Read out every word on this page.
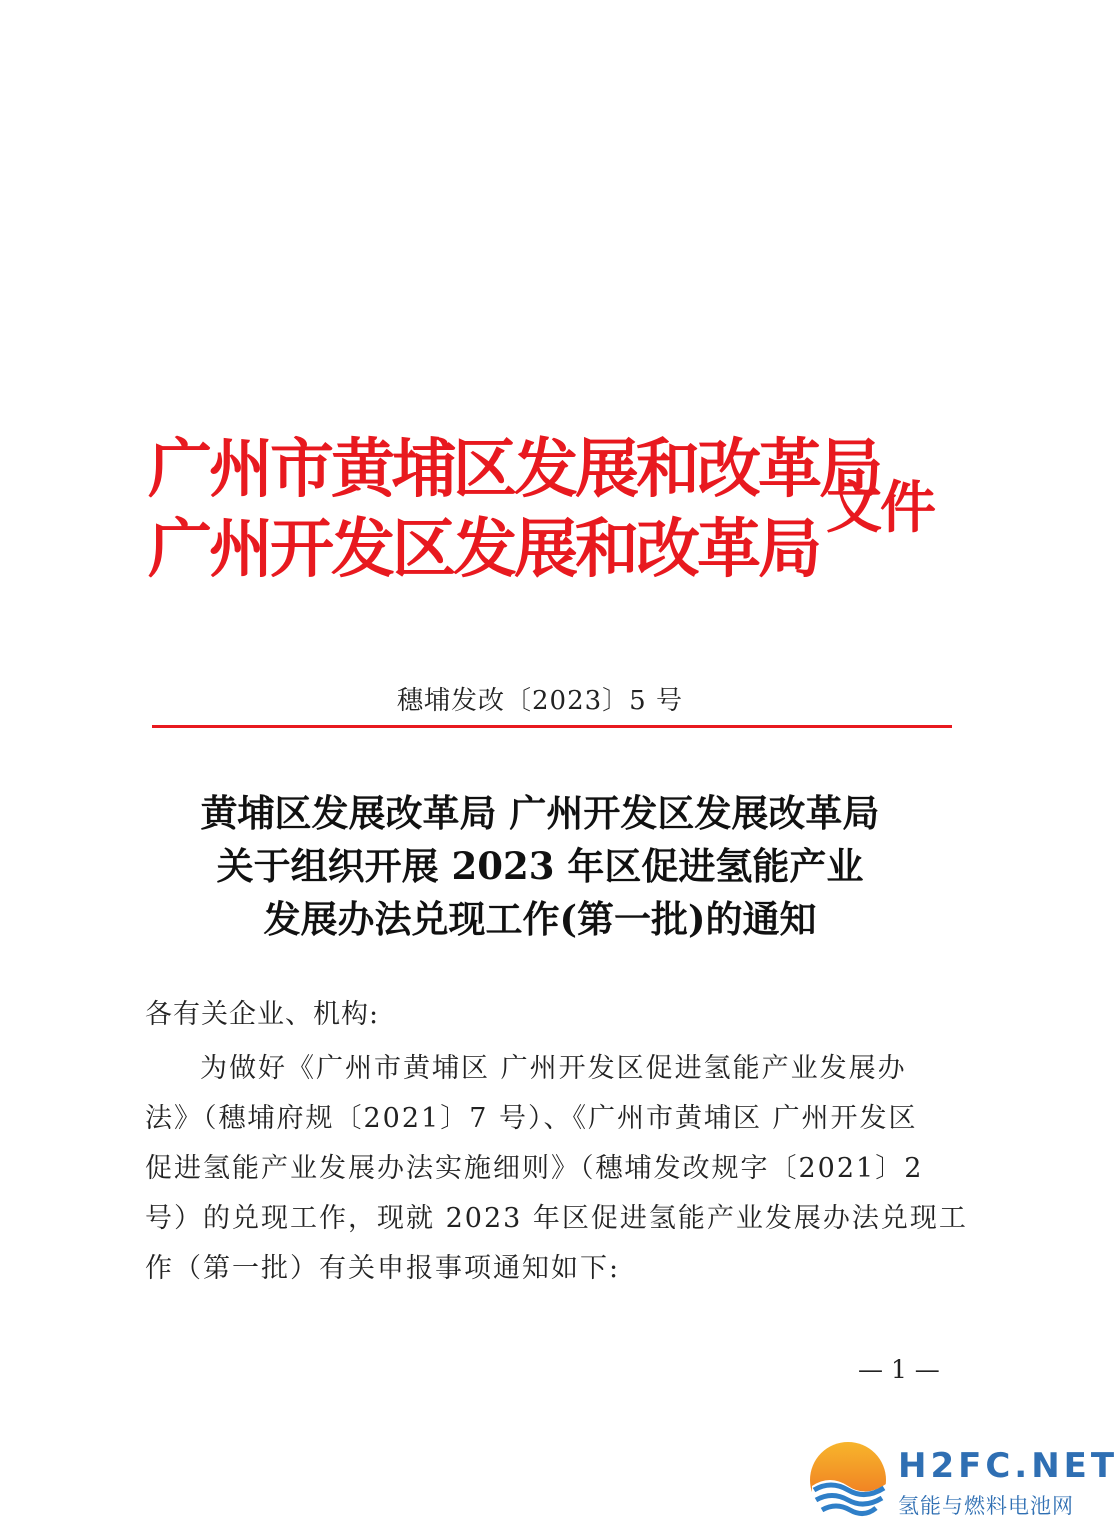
广州市黄埔区发展和改革局
广州开发区发展和改革局
文件
穗埔发改〔2023〕5 号
黄埔区发展改革局 广州开发区发展改革局
关于组织开展 2023 年区促进氢能产业
发展办法兑现工作(第一批)的通知
各有关企业、机构:
为做好《广州市黄埔区 广州开发区促进氢能产业发展办
法》（穗埔府规〔2021〕7 号）、《广州市黄埔区 广州开发区
促进氢能产业发展办法实施细则》（穗埔发改规字〔2021〕2
号）的兑现工作，现就 2023 年区促进氢能产业发展办法兑现工
作（第一批）有关申报事项通知如下:
— 1 —
H2FC.NET
氢能与燃料电池网
